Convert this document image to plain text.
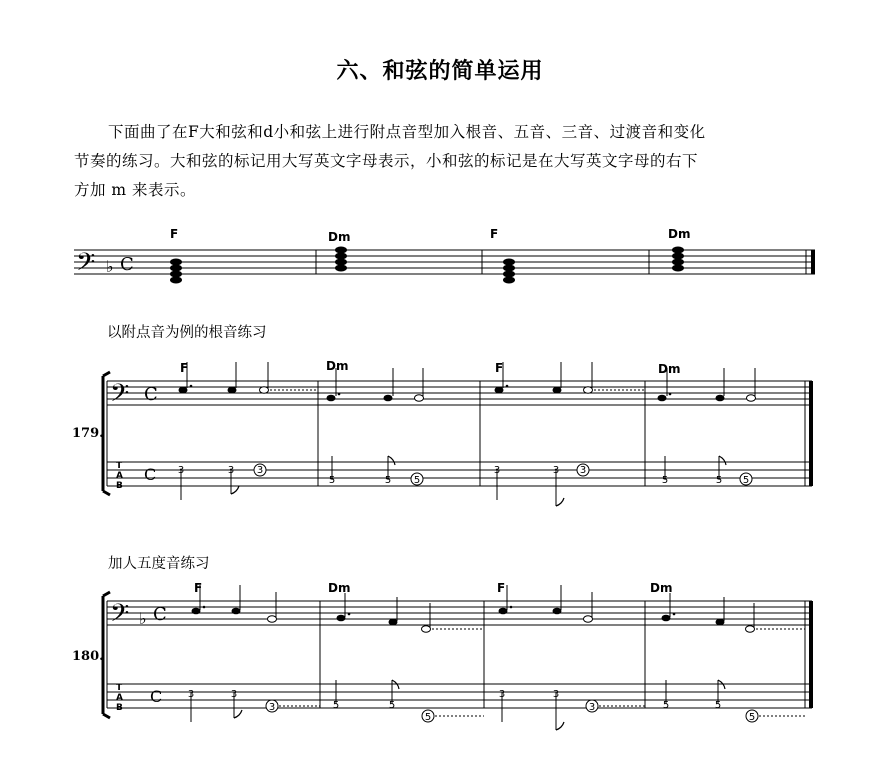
六、和弦的简单运用
下面曲了在F大和弦和d小和弦上进行附点音型加入根音、五音、三音、过渡音和变化
节奏的练习。大和弦的标记用大写英文字母表示，小和弦的标记是在大写英文字母的右下
方加 m 来表示。
以附点音为例的根音练习
加人五度音练习
𝄢 ♭ C
𝄢 C
C
𝄢 ♭ C
C
T
A
B
T
A
B
F	Dm	F	Dm
F	Dm	F	Dm
F	Dm	F	Dm
179.
180.
3	3 3
5	5 5
3	3 3
5	5 5
3	3
3	5	5
5
3	3
3	5	5
5
